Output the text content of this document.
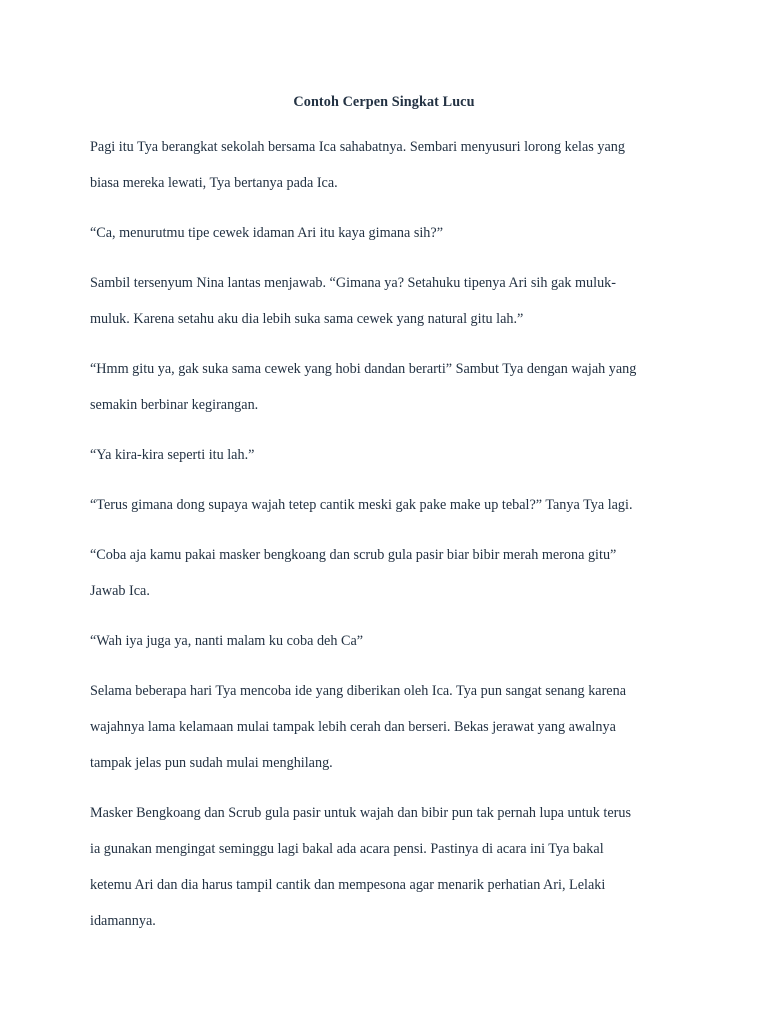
Contoh Cerpen Singkat Lucu

Pagi itu Tya berangkat sekolah bersama Ica sahabatnya. Sembari menyusuri lorong kelas yang
biasa mereka lewati, Tya bertanya pada Ica.

“Ca, menurutmu tipe cewek idaman Ari itu kaya gimana sih?”

Sambil tersenyum Nina lantas menjawab. “Gimana ya? Setahuku tipenya Ari sih gak muluk-
muluk. Karena setahu aku dia lebih suka sama cewek yang natural gitu lah.”

“Hmm gitu ya, gak suka sama cewek yang hobi dandan berarti” Sambut Tya dengan wajah yang
semakin berbinar kegirangan.

“Ya kira-kira seperti itu lah.”

“Terus gimana dong supaya wajah tetep cantik meski gak pake make up tebal?” Tanya Tya lagi.

“Coba aja kamu pakai masker bengkoang dan scrub gula pasir biar bibir merah merona gitu”
Jawab Ica.

“Wah iya juga ya, nanti malam ku coba deh Ca”

Selama beberapa hari Tya mencoba ide yang diberikan oleh Ica. Tya pun sangat senang karena
wajahnya lama kelamaan mulai tampak lebih cerah dan berseri. Bekas jerawat yang awalnya
tampak jelas pun sudah mulai menghilang.

Masker Bengkoang dan Scrub gula pasir untuk wajah dan bibir pun tak pernah lupa untuk terus
ia gunakan mengingat seminggu lagi bakal ada acara pensi. Pastinya di acara ini Tya bakal
ketemu Ari dan dia harus tampil cantik dan mempesona agar menarik perhatian Ari, Lelaki
idamannya.
